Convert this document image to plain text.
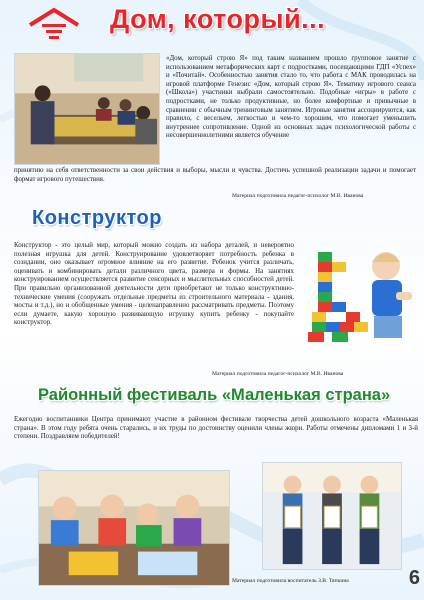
Дом, который...
«Дом, который строю Я» под таким названием прошло групповое занятие с использованием метафорических карт с подростками, посещающими ГДП «Успех» и «Почитай». Особенностью занятия стало то, что работа с МАК проводилась на игровой платформе Генезис «Дом, который строю Я». Тематику игрового сеанса («Школа») участники выбрали самостоятельно. Подобные «игры» в работе с подростками, не только продуктивные, но более комфортные и привычные в сравнении с обычным тренинговым занятием. Игровые занятия ассоциируются, как правило, с весельем, легкостью и чем-то хорошим, что помогает уменьшить внутреннее сопротивление. Одной из основных задач психологической работы с несовершеннолетними является обучение
принятию на себя ответственности за свои действия и выборы, мысли и чувства. Достичь успешной реализации задачи и помогает формат игрового путешествия.
Материал подготовила педагог-психолог М.В. Иванова
Конструктор
Конструктор - это целый мир, который можно создать из набора деталей, и невероятно полезная игрушка для детей. Конструирование удовлетворяет потребность ребенка в созидании, оно оказывает огромное влияние на его развитие. Ребенок учится различать, оценивать и комбинировать детали различного цвета, размера и формы. На занятиях конструированием осуществляется развитие сенсорных и мыслительных способностей детей. При правильно организованной деятельности дети приобретают не только конструктивно-технические умения (сооружать отдельные предметы из строительного материала - здания, мосты и т.д.), но и обобщенные умения - целенаправленно рассматривать предметы. Поэтому если думаете, какую хорошую развивающую игрушку купить ребенку - покупайте конструктор.
Материал подготовила педагог-психолог М.В. Иванова
Районный фестиваль «Маленькая страна»
Ежегодно воспитанники Центра принимают участие в районном фестивале творчества детей дошкольного возраста «Маленькая страна». В этом году ребята очень старались, и их труды по достоинству оценили члены жюри. Работы отмечены дипломами 1 и 3-й степени. Поздравляем победителей!
Материал подготовила воспитатель З.В. Тяпкина	6
